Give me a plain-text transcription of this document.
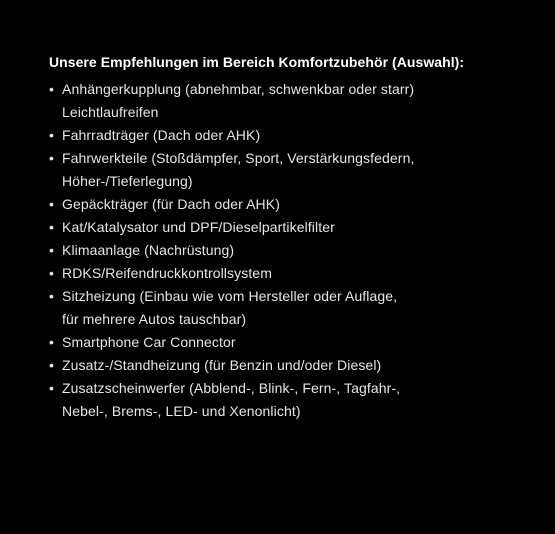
Unsere Empfehlungen im Bereich Komfortzubehör (Auswahl):
• Anhängerkupplung (abnehmbar, schwenkbar oder starr)
Leichtlaufreifen
• Fahrradträger (Dach oder AHK)
• Fahrwerkteile (Stoßdämpfer, Sport, Verstärkungsfedern,
Höher-/Tieferlegung)
• Gepäckträger (für Dach oder AHK)
• Kat/Katalysator und DPF/Dieselpartikelfilter
• Klimaanlage (Nachrüstung)
• RDKS/Reifendruckkontrollsystem
• Sitzheizung (Einbau wie vom Hersteller oder Auflage,
für mehrere Autos tauschbar)
• Smartphone Car Connector
• Zusatz-/Standheizung (für Benzin und/oder Diesel)
• Zusatzscheinwerfer (Abblend-, Blink-, Fern-, Tagfahr-,
Nebel-, Brems-, LED- und Xenonlicht)
